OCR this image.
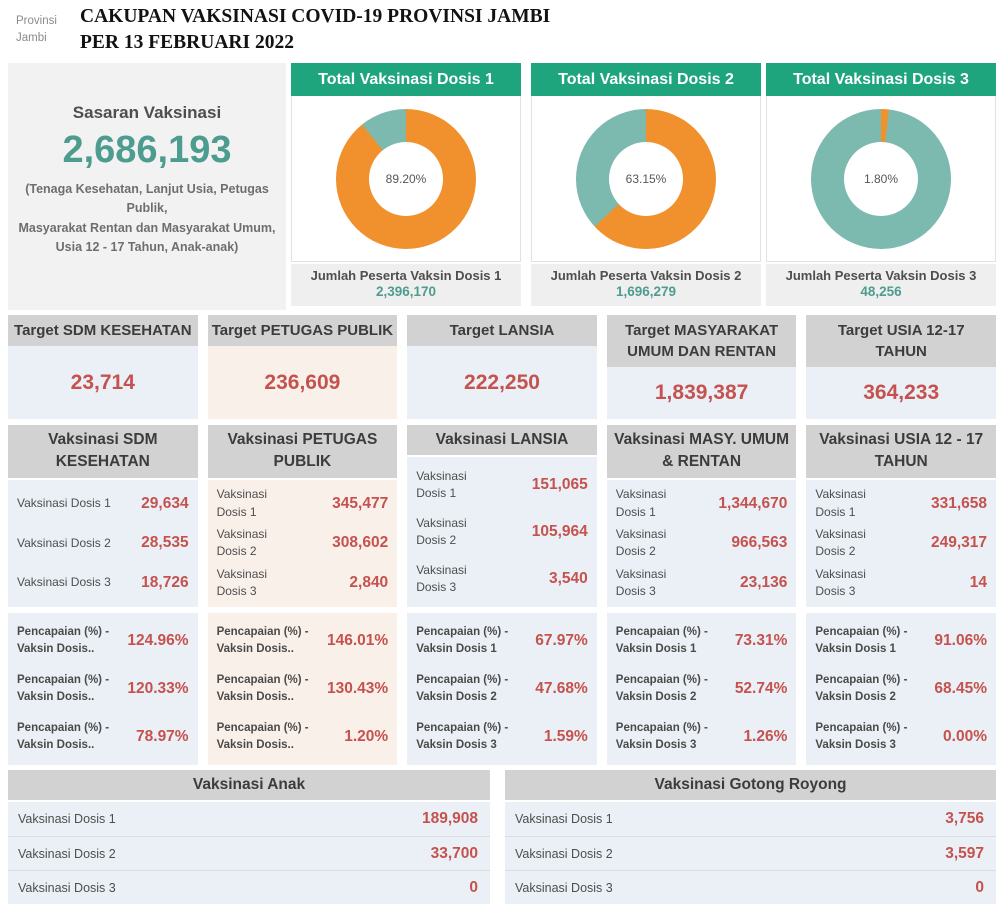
Provinsi
Jambi
CAKUPAN VAKSINASI COVID-19 PROVINSI JAMBI
PER 13 FEBRUARI 2022
Sasaran Vaksinasi
2,686,193
(Tenaga Kesehatan, Lanjut Usia, Petugas
Publik,
Masyarakat Rentan dan Masyarakat Umum,
Usia 12 - 17 Tahun, Anak-anak)
Total Vaksinasi Dosis 1
89.20%
Jumlah Peserta Vaksin Dosis 1
2,396,170
Total Vaksinasi Dosis 2
63.15%
Jumlah Peserta Vaksin Dosis 2
1,696,279
Total Vaksinasi Dosis 3
1.80%
Jumlah Peserta Vaksin Dosis 3
48,256
Target SDM KESEHATAN
23,714
Target PETUGAS PUBLIK
236,609
Target LANSIA
222,250
Target MASYARAKAT UMUM DAN RENTAN
1,839,387
Target USIA 12-17 TAHUN
364,233
Vaksinasi SDM KESEHATAN
Vaksinasi Dosis 1 29,634
Vaksinasi Dosis 2 28,535
Vaksinasi Dosis 3 18,726
Pencapaian (%) - Vaksin Dosis..	124.96%
Pencapaian (%) - Vaksin Dosis..	120.33%
Pencapaian (%) - Vaksin Dosis..	78.97%
Vaksinasi PETUGAS PUBLIK
Vaksinasi Dosis 1	345,477
Vaksinasi Dosis 2	308,602
Vaksinasi Dosis 3	2,840
Pencapaian (%) - Vaksin Dosis..	146.01%
Pencapaian (%) - Vaksin Dosis..	130.43%
Pencapaian (%) - Vaksin Dosis..	1.20%
Vaksinasi LANSIA
Vaksinasi Dosis 1	151,065
Vaksinasi Dosis 2	105,964
Vaksinasi Dosis 3	3,540
Pencapaian (%) - Vaksin Dosis 1	67.97%
Pencapaian (%) - Vaksin Dosis 2	47.68%
Pencapaian (%) - Vaksin Dosis 3	1.59%
Vaksinasi MASY. UMUM & RENTAN
Vaksinasi Dosis 1	1,344,670
Vaksinasi Dosis 2	966,563
Vaksinasi Dosis 3	23,136
Pencapaian (%) - Vaksin Dosis 1	73.31%
Pencapaian (%) - Vaksin Dosis 2	52.74%
Pencapaian (%) - Vaksin Dosis 3	1.26%
Vaksinasi USIA 12 - 17 TAHUN
Vaksinasi Dosis 1	331,658
Vaksinasi Dosis 2	249,317
Vaksinasi Dosis 3	14
Pencapaian (%) - Vaksin Dosis 1	91.06%
Pencapaian (%) - Vaksin Dosis 2	68.45%
Pencapaian (%) - Vaksin Dosis 3	0.00%
Vaksinasi Anak
Vaksinasi Dosis 1	189,908
Vaksinasi Dosis 2	33,700
Vaksinasi Dosis 3	0
Vaksinasi Gotong Royong
Vaksinasi Dosis 1	3,756
Vaksinasi Dosis 2	3,597
Vaksinasi Dosis 3	0
